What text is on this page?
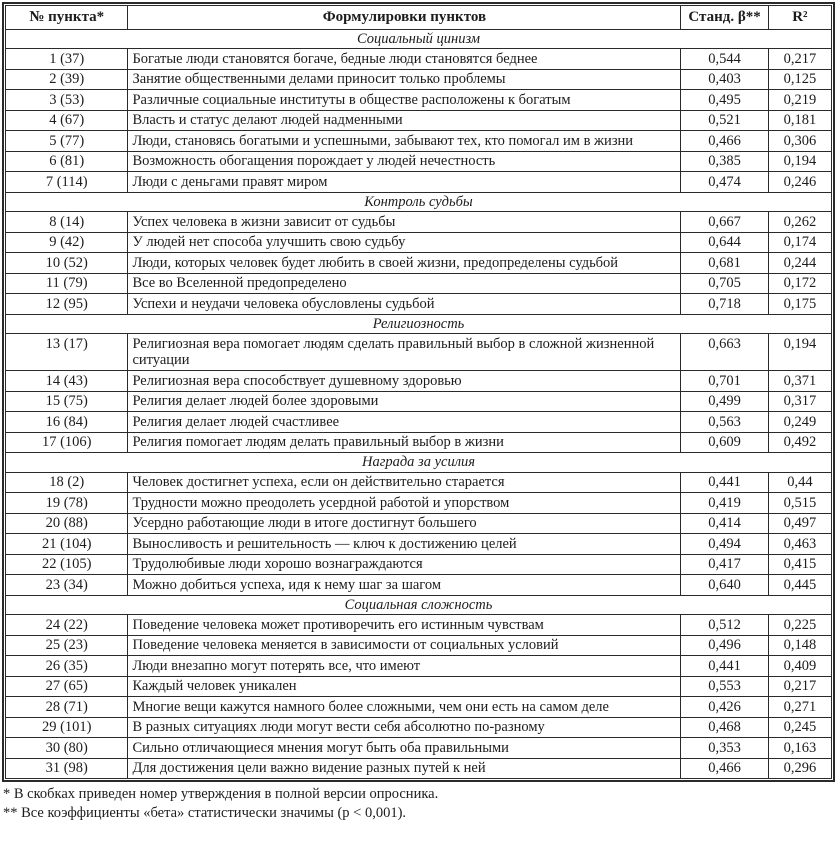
№ пункта*	Формулировки пунктов	Станд. β**	R²
Социальный цинизм			
1 (37)	Богатые люди становятся богаче, бедные люди становятся беднее	0,544	0,217
2 (39)	Занятие общественными делами приносит только проблемы	0,403	0,125
3 (53)	Различные социальные институты в обществе расположены к богатым	0,495	0,219
4 (67)	Власть и статус делают людей надменными	0,521	0,181
5 (77)	Люди, становясь богатыми и успешными, забывают тех, кто помогал им в жизни	0,466	0,306
6 (81)	Возможность обогащения порождает у людей нечестность	0,385	0,194
7 (114)	Люди с деньгами правят миром	0,474	0,246
Контроль судьбы			
8 (14)	Успех человека в жизни зависит от судьбы	0,667	0,262
9 (42)	У людей нет способа улучшить свою судьбу	0,644	0,174
10 (52)	Люди, которых человек будет любить в своей жизни, предопределены судьбой	0,681	0,244
11 (79)	Все во Вселенной предопределено	0,705	0,172
12 (95)	Успехи и неудачи человека обусловлены судьбой	0,718	0,175
Религиозность			
13 (17)	Религиозная вера помогает людям сделать правильный выбор в сложной жизненной ситуации	0,663	0,194
14 (43)	Религиозная вера способствует душевному здоровью	0,701	0,371
15 (75)	Религия делает людей более здоровыми	0,499	0,317
16 (84)	Религия делает людей счастливее	0,563	0,249
17 (106)	Религия помогает людям делать правильный выбор в жизни	0,609	0,492
Награда за усилия			
18 (2)	Человек достигнет успеха, если он действительно старается	0,441	0,44
19 (78)	Трудности можно преодолеть усердной работой и упорством	0,419	0,515
20 (88)	Усердно работающие люди в итоге достигнут большего	0,414	0,497
21 (104)	Выносливость и решительность — ключ к достижению целей	0,494	0,463
22 (105)	Трудолюбивые люди хорошо вознаграждаются	0,417	0,415
23 (34)	Можно добиться успеха, идя к нему шаг за шагом	0,640	0,445
Социальная сложность			
24 (22)	Поведение человека может противоречить его истинным чувствам	0,512	0,225
25 (23)	Поведение человека меняется в зависимости от социальных условий	0,496	0,148
26 (35)	Люди внезапно могут потерять все, что имеют	0,441	0,409
27 (65)	Каждый человек уникален	0,553	0,217
28 (71)	Многие вещи кажутся намного более сложными, чем они есть на самом деле	0,426	0,271
29 (101)	В разных ситуациях люди могут вести себя абсолютно по-разному	0,468	0,245
30 (80)	Сильно отличающиеся мнения могут быть оба правильными	0,353	0,163
31 (98)	Для достижения цели важно видение разных путей к ней	0,466	0,296
* В скобках приведен номер утверждения в полной версии опросника.
** Все коэффициенты «бета» статистически значимы (p < 0,001).
